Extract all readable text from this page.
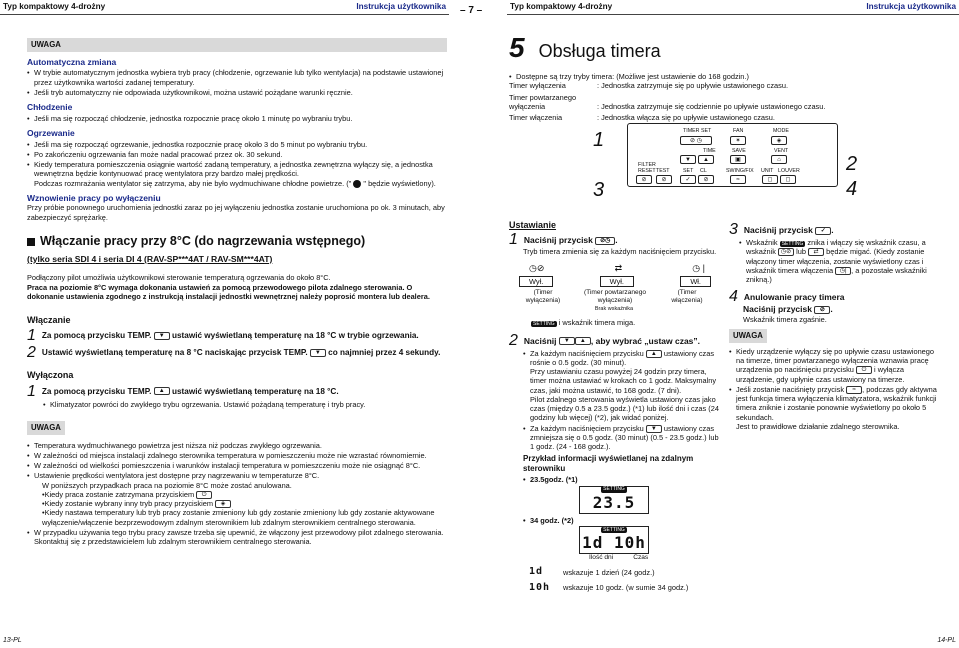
Typ kompaktowy 4-drożny	Instrukcja użytkownika – 7 –	Typ kompaktowy 4-drożny	Instrukcja użytkownika
UWAGA
Automatyczna zmiana
• W trybie automatycznym jednostka wybiera tryb pracy (chłodzenie, ogrzewanie lub tylko wentylacja) na podstawie ustawionej przez użytkownika wartości zadanej temperatury.
• Jeśli tryb automatyczny nie odpowiada użytkownikowi, można ustawić pożądane warunki ręcznie.
Chłodzenie
• Jeśli ma się rozpocząć chłodzenie, jednostka rozpocznie pracę około 1 minutę po wybraniu trybu.
Ogrzewanie
• Jeśli ma się rozpocząć ogrzewanie, jednostka rozpocznie pracę około 3 do 5 minut po wybraniu trybu.
• Po zakończeniu ogrzewania fan może nadal pracować przez ok. 30 sekund.
• Kiedy temperatura pomieszczenia osiągnie wartość zadaną temperatury, a jednostka zewnętrzna wyłączy się, a jednostka wewnętrzna będzie kontynuować pracę wentylatora przy bardzo małej prędkości.
Podczas rozmrażania wentylator się zatrzyma, aby nie było wydmuchiwane chłodne powietrze. ("  " będzie wyświetlony).
Wznowienie pracy po wyłączeniu
Przy próbie ponownego uruchomienia jednostki zaraz po jej wyłączeniu jednostka zostanie uruchomiona po ok. 3 minutach, aby zabezpieczyć sprężarkę.
Włączanie pracy przy 8°C (do nagrzewania wstępnego)
(tylko seria SDI 4 i seria DI 4 (RAV-SP***4AT / RAV-SM***4AT)
Podłączony pilot umożliwia użytkownikowi sterowanie temperaturą ogrzewania do około 8°C.
Praca na poziomie 8°C wymaga dokonania ustawień za pomocą przewodowego pilota zdalnego sterowania. O dokonanie ustawienia zgodnego z instrukcją instalacji jednostki wewnętrznej należy poprosić montera lub dealera.
Włączanie
1 Za pomocą przycisku TEMP. ▼ ustawić wyświetlaną temperaturę na 18 °C w trybie ogrzewania.
2 Ustawić wyświetlaną temperaturę na 8 °C naciskając przycisk TEMP. ▼ co najmniej przez 4 sekundy.
Wyłączona
1 Za pomocą przycisku TEMP. ▲ ustawić wyświetlaną temperaturę na 18 °C.
• Klimatyzator powróci do zwykłego trybu ogrzewania. Ustawić pożądaną temperaturę i tryb pracy.
UWAGA
• Temperatura wydmuchiwanego powietrza jest niższa niż podczas zwykłego ogrzewania.
• W zależności od miejsca instalacji zdalnego sterownika temperatura w pomieszczeniu może nie wzrastać równomiernie.
• W zależności od wielkości pomieszczenia i warunków instalacji temperatura w pomieszczeniu może nie osiągnąć 8°C.
• Ustawienie prędkości wentylatora jest dostępne przy nagrzewaniu w temperaturze 8°C.
W poniższych przypadkach praca na poziomie 8°C może zostać anulowana.
•Kiedy praca zostanie zatrzymana przyciskiem ⏻
•Kiedy zostanie wybrany inny tryb pracy przyciskiem ◈
•Kiedy nastawa temperatury lub tryb pracy zostanie zmieniony lub gdy zostanie zmieniony lub gdy zostanie aktywowane wyłączenie/włączenie bezprzewodowym zdalnym sterownikiem lub zdalnym sterownikiem centralnego sterowania.
• W przypadku używania tego trybu pracy zawsze trzeba się upewnić, że włączony jest przewodowy pilot zdalnego sterowania. Skontaktuj się z przedstawicielem lub zdalnym sterownikiem centralnego sterowania.
13-PL
5 Obsługa timera
• Dostępne są trzy tryby timera: (Możliwe jest ustawienie do 168 godzin.)
Timer wyłączenia	: Jednostka zatrzymuje się po upływie ustawionego czasu.
Timer powtarzanego wyłączenia	: Jednostka zatrzymuje się codziennie po upływie ustawionego czasu.
Timer włączenia	: Jednostka włącza się po upływie ustawionego czasu.
1
3
2
4
TIMER SET
⊘ ◷
FAN
✶
MODE
◈
TIME
▼	▲
SAVE
▣
VENT
⌂
FILTER
RESET TEST
⊘	⊘
SET CL
✓	⊘
SWING/FIX
≈
UNIT LOUVER
◻	◻
Ustawianie
1 Naciśnij przycisk ⊘◷ .
Tryb timera zmienia się za każdym naciśnięciem przycisku.
◷⊘	⇄	◷ |
Wył.	Wył.	Wł.
(Timer wyłączenia)
(Timer powtarzanego wyłączenia)
(Timer włączenia)
Brak wskaźnika
SETTING i wskaźnik timera miga.
2 Naciśnij ▼ ▲ , aby wybrać „ustaw czas”.
• Za każdym naciśnięciem przycisku ▲ ustawiony czas rośnie o 0.5 godz. (30 minut).
Przy ustawianiu czasu powyżej 24 godzin przy timera, timer można ustawiać w krokach co 1 godz. Maksymalny czas, jaki można ustawić, to 168 godz. (7 dni).
Pilot zdalnego sterowania wyświetla ustawiony czas jako czas (między 0.5 a 23.5 godz.) (*1) lub ilość dni i czas (24 godziny lub więcej) (*2), jak widać poniżej.
• Za każdym naciśnięciem przycisku ▼ ustawiony czas zmniejsza się o 0.5 godz. (30 minut) (0.5 - 23.5 godz.) lub 1 godz. (24 - 168 godz.).
Przykład informacji wyświetlanej na zdalnym sterowniku
• 23.5godz. (*1)
SETTING
23.5
• 34 godz. (*2)
SETTING
1d 10h
Ilość dni	Czas
1d	wskazuje 1 dzień (24 godz.)
10h	wskazuje 10 godz. (w sumie 34 godz.)
3 Naciśnij przycisk ✓ .
• Wskaźnik SETTING znika i włączy się wskaźnik czasu, a wskaźnik ◷⊘ lub ⇄ będzie migać. (Kiedy zostanie włączony timer włączenia, zostanie wyświetlony czas i wskaźnik timera włączenia ◷| , a pozostałe wskaźniki znikną.)
4 Anulowanie pracy timera
Naciśnij przycisk ⊘ .
Wskaźnik timera zgaśnie.
UWAGA
• Kiedy urządzenie wyłączy się po upływie czasu ustawionego na timerze, timer powtarzanego wyłączenia wznawia pracę urządzenia po naciśnięciu przycisku ⏻ i wyłącza urządzenie, gdy upłynie czas ustawiony na timerze.
• Jeśli zostanie naciśnięty przycisk ≈ , podczas gdy aktywna jest funkcja timera wyłączenia klimatyzatora, wskaźnik funkcji timera zniknie i zostanie ponownie wyświetlony po około 5 sekundach.
Jest to prawidłowe działanie zdalnego sterownika.
14-PL
